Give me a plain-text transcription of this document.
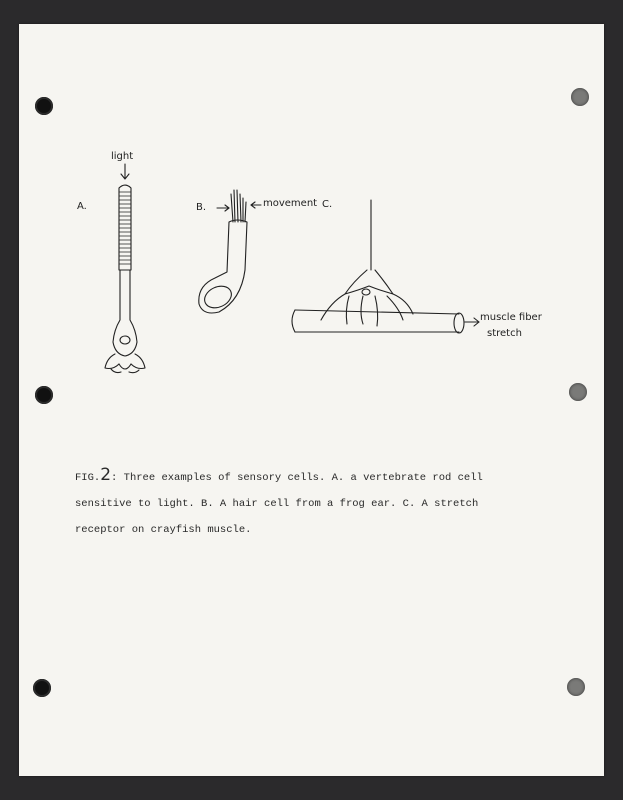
A.	B.	C.
light
movement
muscle fiber
stretch
FIG.2: Three examples of sensory cells. A. a vertebrate rod cell
sensitive to light. B. A hair cell from a frog ear. C. A stretch
receptor on crayfish muscle.
